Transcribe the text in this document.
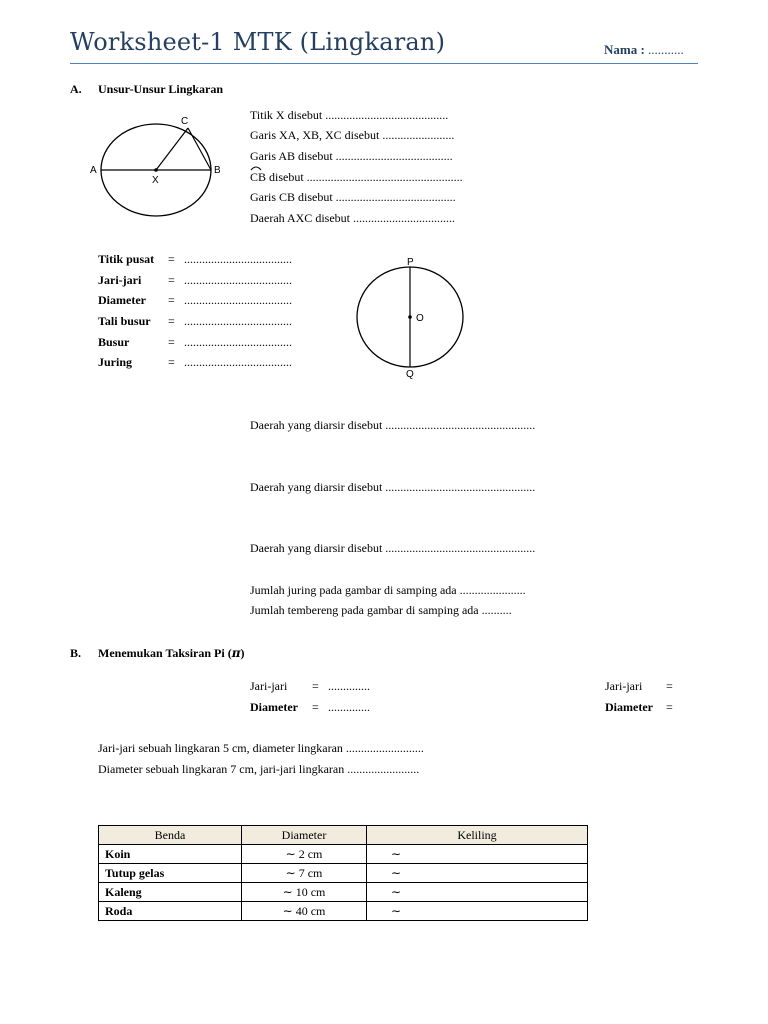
Worksheet-1 MTK (Lingkaran)	Nama : ...........
A. Unsur-Unsur Lingkaran
A	B
C
X
Titik X disebut .........................................
Garis XA, XB, XC disebut ........................
Garis AB disebut .......................................
CB disebut ....................................................
Garis CB disebut ........................................
Daerah AXC disebut ..................................
Titik pusat = ....................................
Jari-jari = ....................................
Diameter = ....................................
Tali busur = ....................................
Busur	= ....................................
Juring	= ....................................
P
O
Q
Daerah yang diarsir disebut ..................................................
Daerah yang diarsir disebut ..................................................
Daerah yang diarsir disebut ..................................................
Jumlah juring pada gambar di samping ada ......................
Jumlah tembereng pada gambar di samping ada ..........
B. Menemukan Taksiran Pi (π)
Jari-jari = ..............
Diameter = ..............
Jari-jari =
Diameter =
Jari-jari sebuah lingkaran 5 cm, diameter lingkaran ..........................
Diameter sebuah lingkaran 7 cm, jari-jari lingkaran ........................
Benda	Diameter	Keliling
Koin	∼ 2 cm	∼
Tutup gelas	∼ 7 cm	∼
Kaleng	∼ 10 cm	∼
Roda	∼ 40 cm	∼
